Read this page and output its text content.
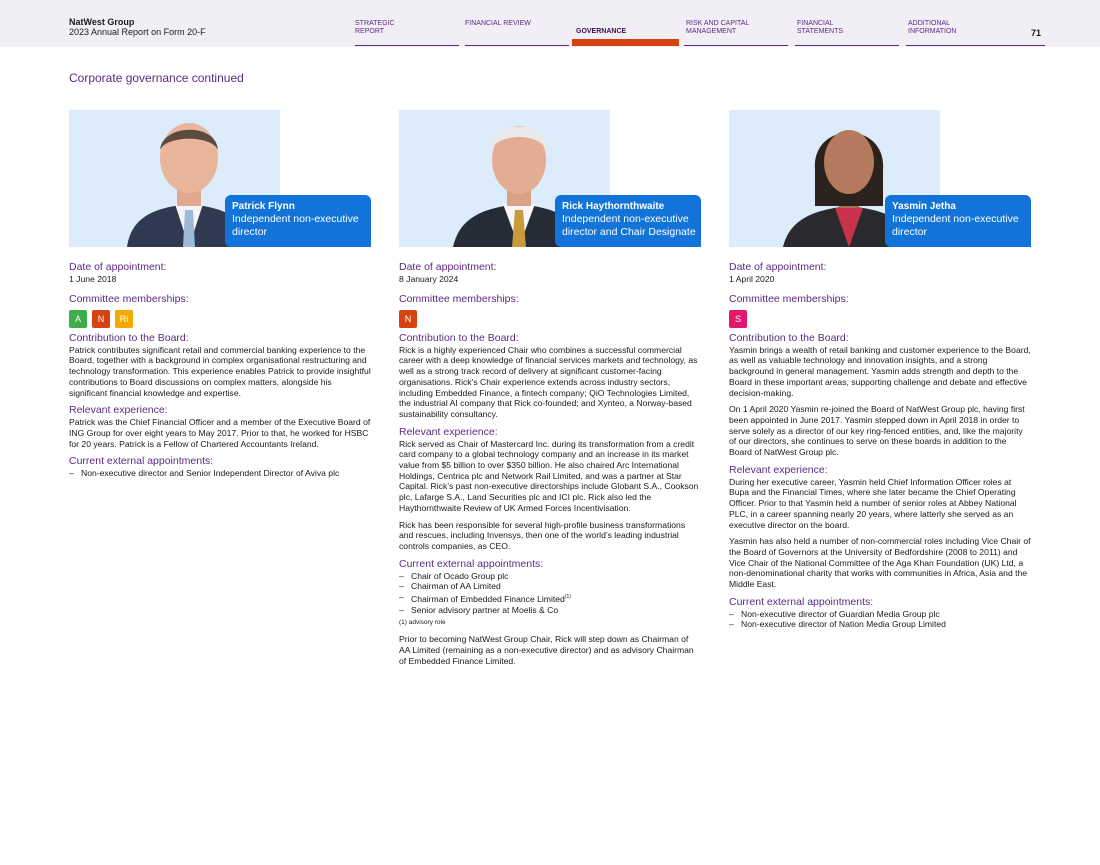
NatWest Group
2023 Annual Report on Form 20-F
STRATEGIC REPORT
FINANCIAL REVIEW
GOVERNANCE
RISK AND CAPITAL MANAGEMENT
FINANCIAL STATEMENTS
ADDITIONAL INFORMATION	71
Corporate governance continued
Patrick Flynn
Independent non-executive director
Date of appointment:
1 June 2018
Committee memberships:
A	N	Ri
Contribution to the Board:
Patrick contributes significant retail and commercial banking experience to the Board, together with a background in complex organisational restructuring and technology transformation. This experience enables Patrick to provide insightful contributions to Board discussions on complex matters, alongside his significant financial knowledge and expertise.
Relevant experience:
Patrick was the Chief Financial Officer and a member of the Executive Board of ING Group for over eight years to May 2017. Prior to that, he worked for HSBC for 20 years. Patrick is a Fellow of Chartered Accountants Ireland.
Current external appointments:
– Non-executive director and Senior Independent Director of Aviva plc
Rick Haythornthwaite
Independent non-executive director and Chair Designate
Date of appointment:
8 January 2024
Committee memberships:
N
Contribution to the Board:
Rick is a highly experienced Chair who combines a successful commercial career with a deep knowledge of financial services markets and technology, as well as a strong track record of delivery at significant customer-facing organisations. Rick’s Chair experience extends across industry sectors, including Embedded Finance, a fintech company; QiO Technologies Limited, the industrial AI company that Rick co-founded; and Xynteo, a Norway-based sustainability consultancy.
Relevant experience:
Rick served as Chair of Mastercard Inc. during its transformation from a credit card company to a global technology company and an increase in its market value from $5 billion to over $350 billion. He also chaired Arc International Holdings, Centrica plc and Network Rail Limited, and was a partner at Star Capital. Rick’s past non-executive directorships include Globant S.A., Cookson plc, Lafarge S.A., Land Securities plc and ICI plc. Rick also led the Haythornthwaite Review of UK Armed Forces Incentivisation.
Rick has been responsible for several high-profile business transformations and rescues, including Invensys, then one of the world’s leading industrial controls companies, as CEO.
Current external appointments:
– Chair of Ocado Group plc
– Chairman of AA Limited
– Chairman of Embedded Finance Limited$^{(1)}$
– Senior advisory partner at Moelis & Co
(1) advisory role
Prior to becoming NatWest Group Chair, Rick will step down as Chairman of AA Limited (remaining as a non-executive director) and as advisory Chairman of Embedded Finance Limited.
Yasmin Jetha
Independent non-executive director
Date of appointment:
1 April 2020
Committee memberships:
S
Contribution to the Board:
Yasmin brings a wealth of retail banking and customer experience to the Board, as well as valuable technology and innovation insights, and a strong background in general management. Yasmin adds strength and depth to the Board in these important areas, supporting challenge and debate and effective decision-making.
On 1 April 2020 Yasmin re-joined the Board of NatWest Group plc, having first been appointed in June 2017. Yasmin stepped down in April 2018 in order to serve solely as a director of our key ring-fenced entities, and, like the majority of our directors, she continues to serve on these boards in addition to the Board of NatWest Group plc.
Relevant experience:
During her executive career, Yasmin held Chief Information Officer roles at Bupa and the Financial Times, where she later became the Chief Operating Officer. Prior to that Yasmin held a number of senior roles at Abbey National PLC, in a career spanning nearly 20 years, where latterly she served as an executive director on the board.
Yasmin has also held a number of non-commercial roles including Vice Chair of the Board of Governors at the University of Bedfordshire (2008 to 2011) and Vice Chair of the National Committee of the Aga Khan Foundation (UK) Ltd, a non-denominational charity that works with communities in Africa, Asia and the Middle East.
Current external appointments:
– Non-executive director of Guardian Media Group plc
– Non-executive director of Nation Media Group Limited
